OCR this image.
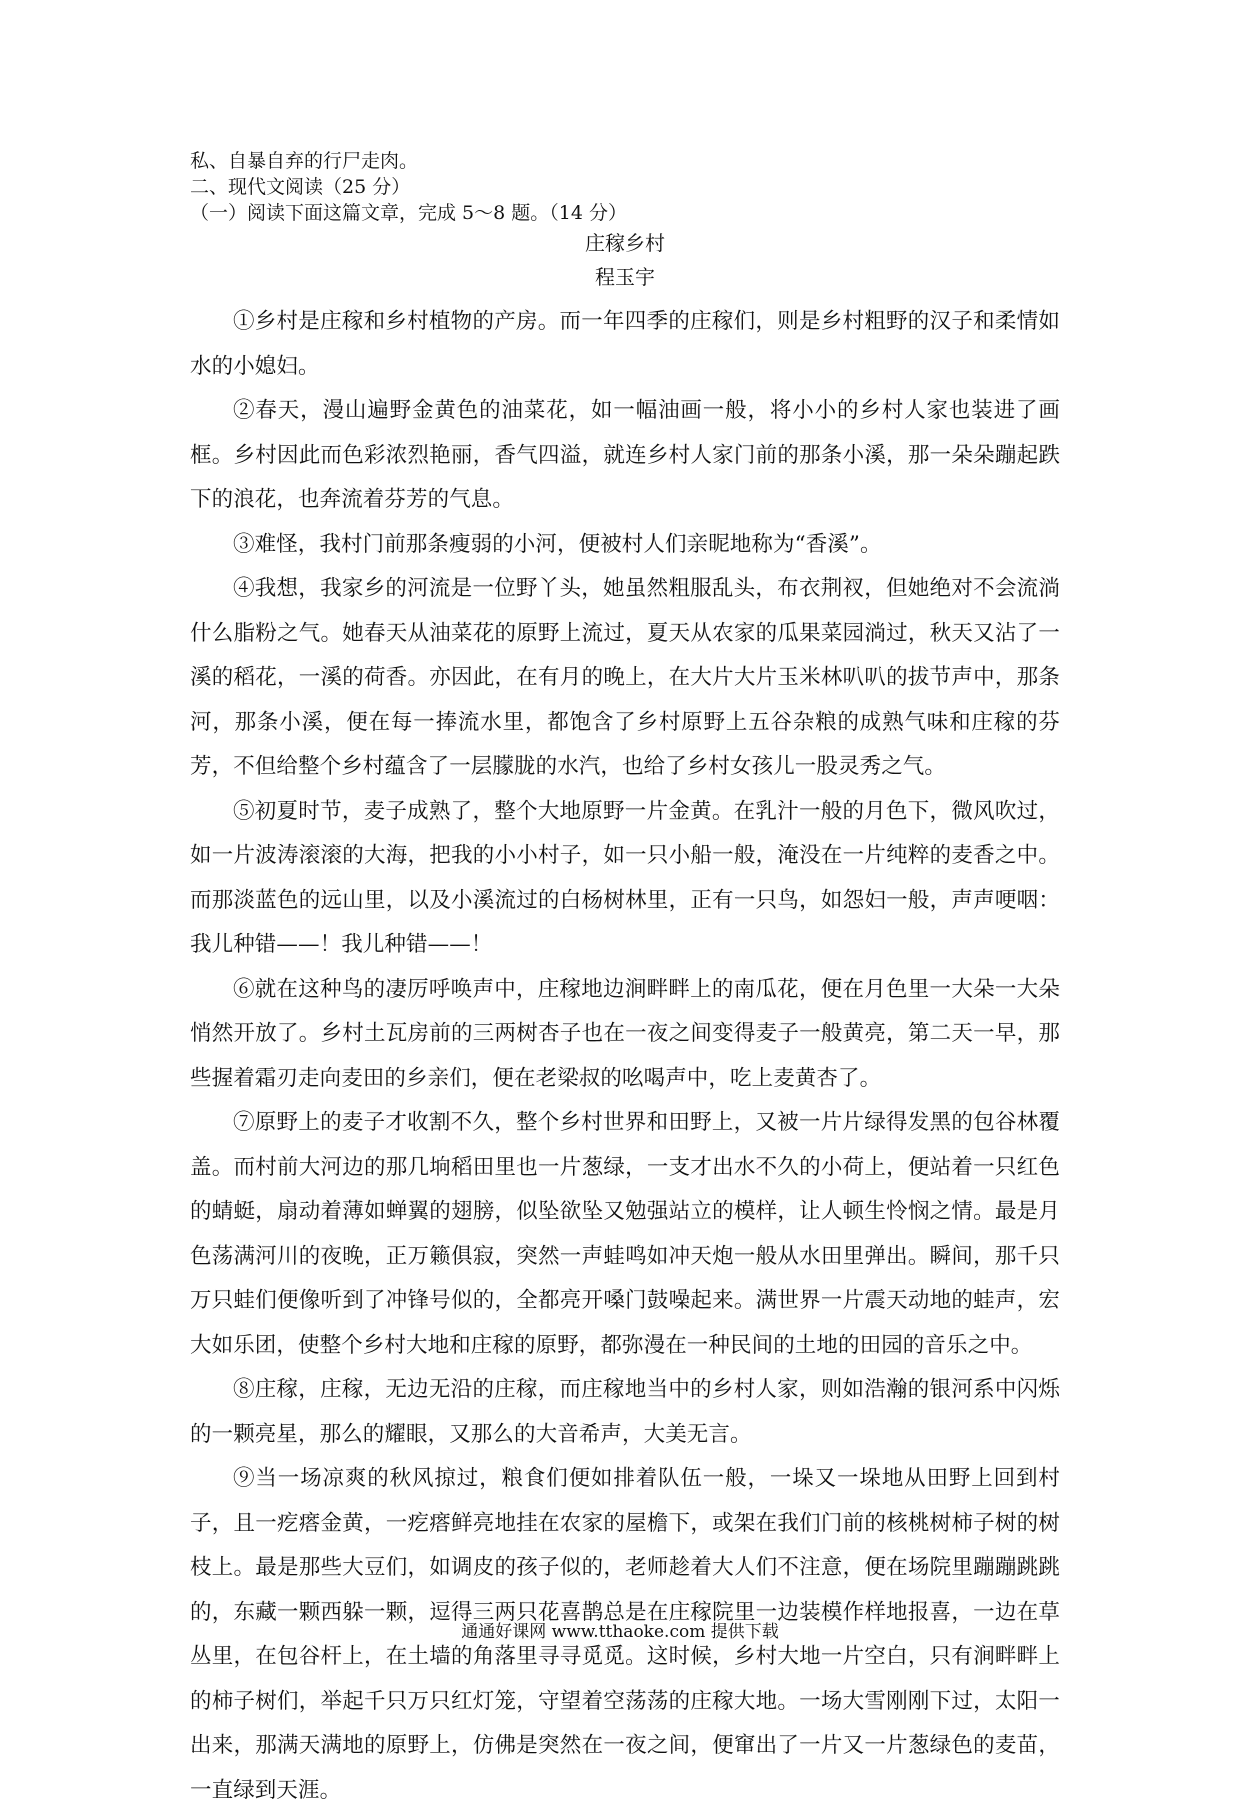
私、自暴自弃的行尸走肉。

二、现代文阅读（25 分）

（一）阅读下面这篇文章，完成 5～8 题。（14 分）

庄稼乡村

程玉宇

①乡村是庄稼和乡村植物的产房。而一年四季的庄稼们，则是乡村粗野的汉子和柔情如水的小媳妇。

②春天，漫山遍野金黄色的油菜花，如一幅油画一般，将小小的乡村人家也装进了画框。乡村因此而色彩浓烈艳丽，香气四溢，就连乡村人家门前的那条小溪，那一朵朵蹦起跌下的浪花，也奔流着芬芳的气息。

③难怪，我村门前那条瘦弱的小河，便被村人们亲昵地称为“香溪”。

④我想，我家乡的河流是一位野丫头，她虽然粗服乱头，布衣荆衩，但她绝对不会流淌什么脂粉之气。她春天从油菜花的原野上流过，夏天从农家的瓜果菜园淌过，秋天又沾了一溪的稻花，一溪的荷香。亦因此，在有月的晚上，在大片大片玉米林叭叭的拔节声中，那条河，那条小溪，便在每一捧流水里，都饱含了乡村原野上五谷杂粮的成熟气味和庄稼的芬芳，不但给整个乡村蕴含了一层朦胧的水汽，也给了乡村女孩儿一股灵秀之气。

⑤初夏时节，麦子成熟了，整个大地原野一片金黄。在乳汁一般的月色下，微风吹过，如一片波涛滚滚的大海，把我的小小村子，如一只小船一般，淹没在一片纯粹的麦香之中。而那淡蓝色的远山里，以及小溪流过的白杨树林里，正有一只鸟，如怨妇一般，声声哽咽：我儿种错——！我儿种错——！

⑥就在这种鸟的凄厉呼唤声中，庄稼地边涧畔畔上的南瓜花，便在月色里一大朵一大朵悄然开放了。乡村土瓦房前的三两树杏子也在一夜之间变得麦子一般黄亮，第二天一早，那些握着霜刃走向麦田的乡亲们，便在老梁叔的吆喝声中，吃上麦黄杏了。

⑦原野上的麦子才收割不久，整个乡村世界和田野上，又被一片片绿得发黑的包谷林覆盖。而村前大河边的那几垧稻田里也一片葱绿，一支才出水不久的小荷上，便站着一只红色的蜻蜓，扇动着薄如蝉翼的翅膀，似坠欲坠又勉强站立的模样，让人顿生怜悯之情。最是月色荡满河川的夜晚，正万籁俱寂，突然一声蛙鸣如冲天炮一般从水田里弹出。瞬间，那千只万只蛙们便像听到了冲锋号似的，全都亮开嗓门鼓噪起来。满世界一片震天动地的蛙声，宏大如乐团，使整个乡村大地和庄稼的原野，都弥漫在一种民间的土地的田园的音乐之中。

⑧庄稼，庄稼，无边无沿的庄稼，而庄稼地当中的乡村人家，则如浩瀚的银河系中闪烁的一颗亮星，那么的耀眼，又那么的大音希声，大美无言。

⑨当一场凉爽的秋风掠过，粮食们便如排着队伍一般，一垛又一垛地从田野上回到村子，且一疙瘩金黄，一疙瘩鲜亮地挂在农家的屋檐下，或架在我们门前的核桃树柿子树的树枝上。最是那些大豆们，如调皮的孩子似的，老师趁着大人们不注意，便在场院里蹦蹦跳跳的，东藏一颗西躲一颗，逗得三两只花喜鹊总是在庄稼院里一边装模作样地报喜，一边在草丛里，在包谷杆上，在土墙的角落里寻寻觅觅。这时候，乡村大地一片空白，只有涧畔畔上的柿子树们，举起千只万只红灯笼，守望着空荡荡的庄稼大地。一场大雪刚刚下过，太阳一出来，那满天满地的原野上，仿佛是突然在一夜之间，便窜出了一片又一片葱绿色的麦苗，一直绿到天涯。

通通好课网 www.tthaoke.com 提供下载
